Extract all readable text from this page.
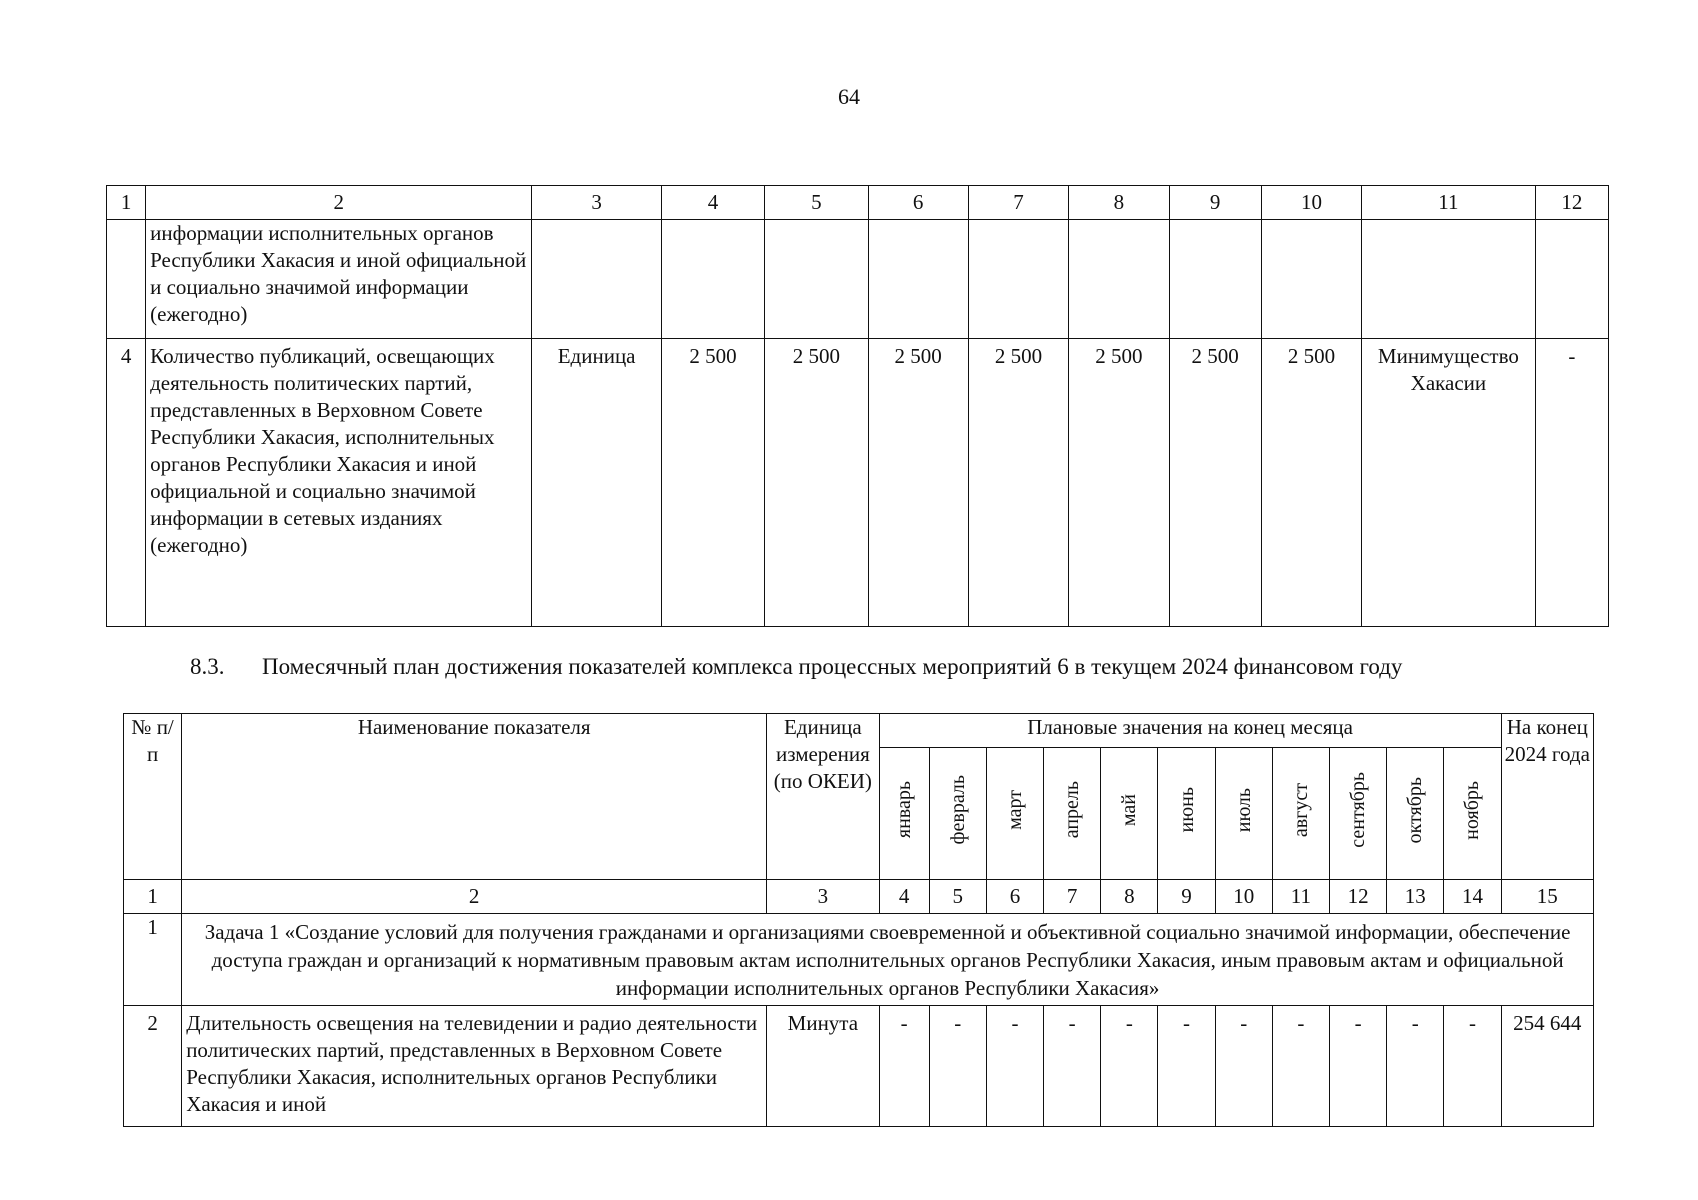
64
1	2	3	4	5	6	7	8	9	10	11	12
	информации исполнительных органов Республики Хакасия и иной официальной и социально значимой информации (ежегодно)										
4	Количество публикаций, освещающих деятельность политических партий, представленных в Верховном Совете Республики Хакасия, исполнительных органов Республики Хакасия и иной официальной и социально значимой информации в сетевых изданиях (ежегодно)	Единица	2 500	2 500	2 500	2 500	2 500	2 500	2 500	Минимущество Хакасии	-
8.3. Помесячный план достижения показателей комплекса процессных мероприятий 6 в текущем 2024 финансовом году
№ п/п	Наименование показателя	Единица измерения (по ОКЕИ)	Плановые значения на конец месяца											На конец 2024 года
			январь	февраль	март	апрель	май	июнь	июль	август	сентябрь	октябрь	ноябрь	
1	2	3	4	5	6	7	8	9	10	11	12	13	14	15
1	Задача 1 «Создание условий для получения гражданами и организациями своевременной и объективной социально значимой информации, обеспечение доступа граждан и организаций к нормативным правовым актам исполнительных органов Республики Хакасия, иным правовым актам и официальной информации исполнительных органов Республики Хакасия»													
2	Длительность освещения на телевидении и радио деятельности политических партий, представленных в Верховном Совете Республики Хакасия, исполнительных органов Республики Хакасия и иной	Минута	-	-	-	-	-	-	-	-	-	-	-	254 644
